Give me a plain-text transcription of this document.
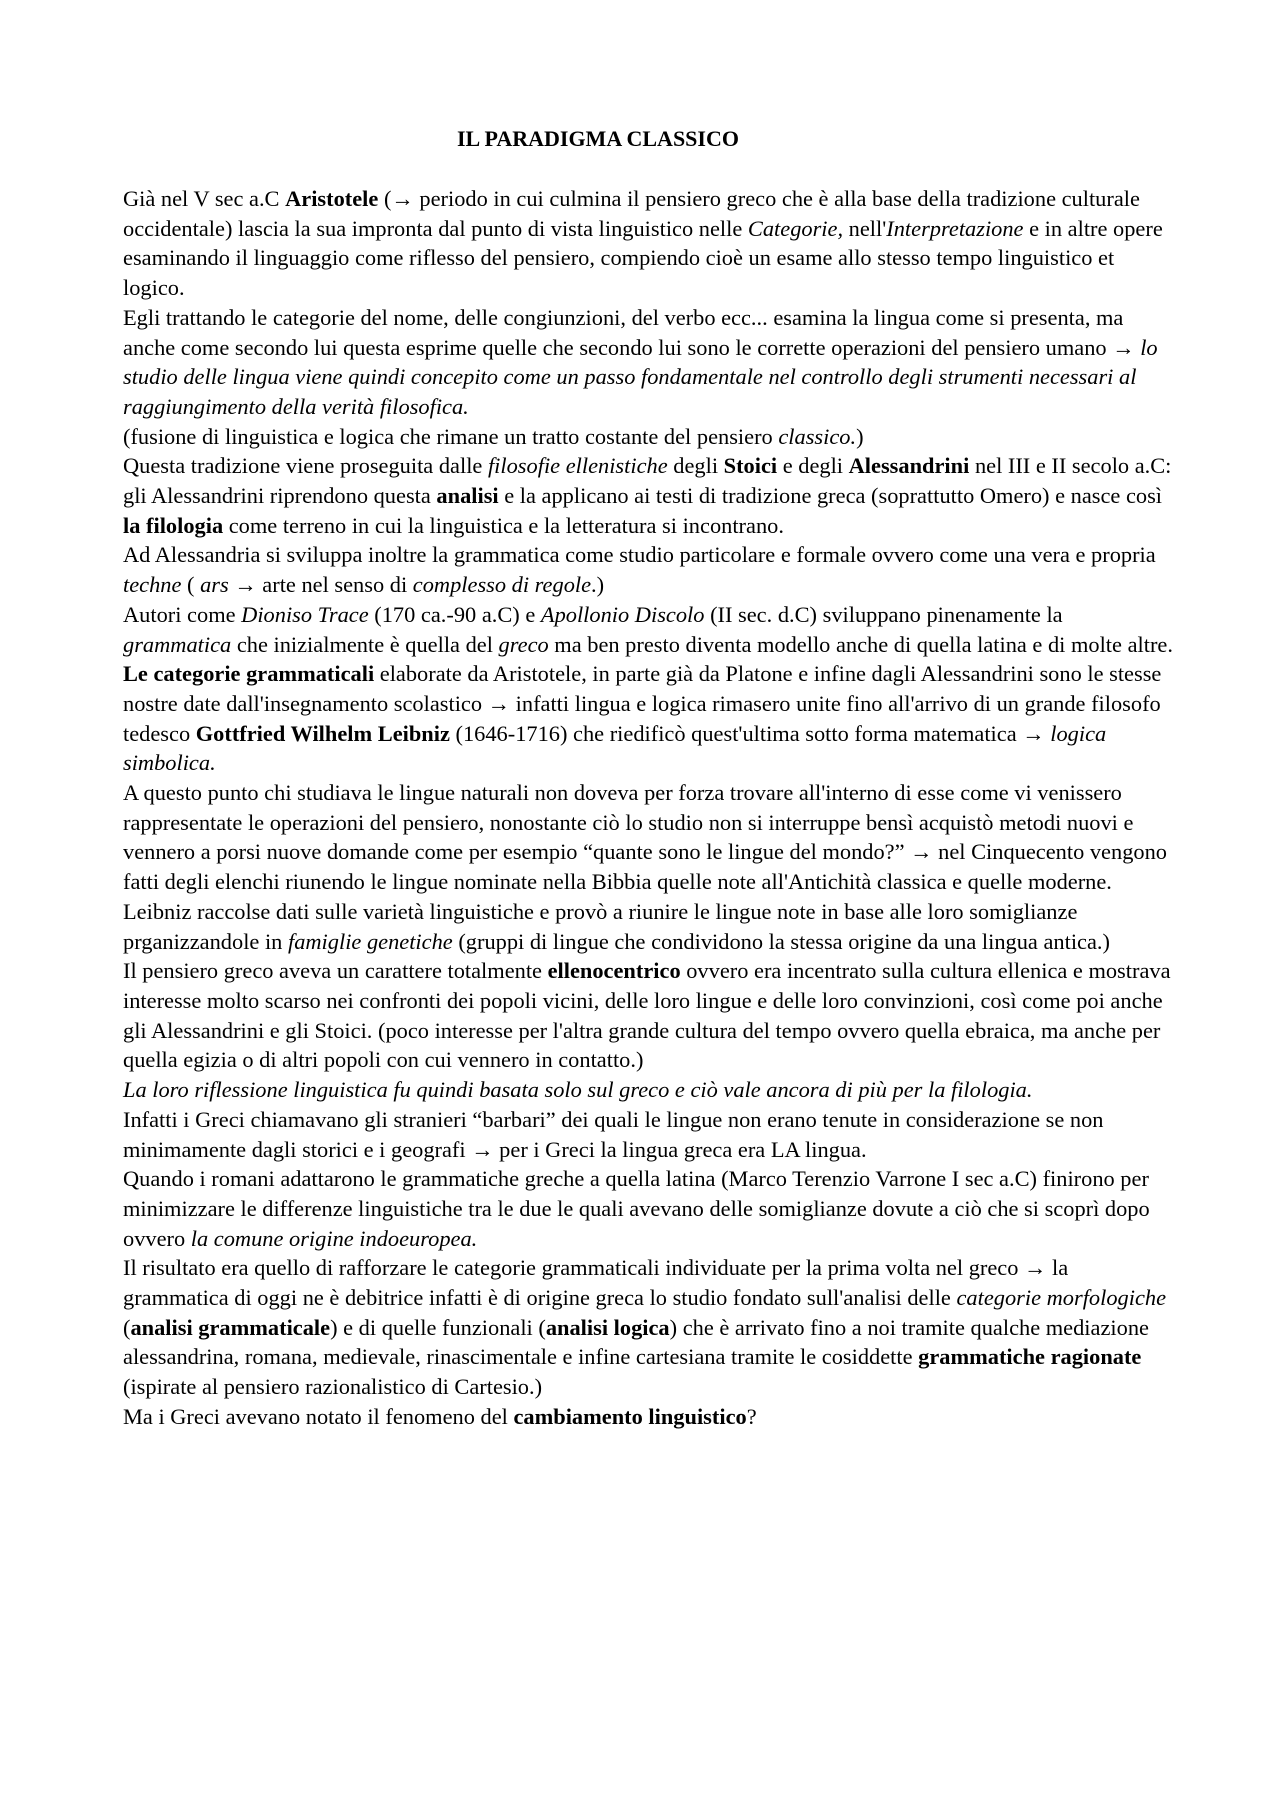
IL PARADIGMA CLASSICO

Già nel V sec a.C Aristotele (→ periodo in cui culmina il pensiero greco che è alla base della tradizione culturale occidentale) lascia la sua impronta dal punto di vista linguistico nelle Categorie, nell'Interpretazione e in altre opere esaminando il linguaggio come riflesso del pensiero, compiendo cioè un esame allo stesso tempo linguistico et logico.

Egli trattando le categorie del nome, delle congiunzioni, del verbo ecc... esamina la lingua come si presenta, ma anche come secondo lui questa esprime quelle che secondo lui sono le corrette operazioni del pensiero umano → lo studio delle lingua viene quindi concepito come un passo fondamentale nel controllo degli strumenti necessari al raggiungimento della verità filosofica.

(fusione di linguistica e logica che rimane un tratto costante del pensiero classico.)

Questa tradizione viene proseguita dalle filosofie ellenistiche degli Stoici e degli Alessandrini nel III e II secolo a.C: gli Alessandrini riprendono questa analisi e la applicano ai testi di tradizione greca (soprattutto Omero) e nasce così la filologia come terreno in cui la linguistica e la letteratura si incontrano.

Ad Alessandria si sviluppa inoltre la grammatica come studio particolare e formale ovvero come una vera e propria techne ( ars → arte nel senso di complesso di regole.)

Autori come Dioniso Trace (170 ca.-90 a.C) e Apollonio Discolo (II sec. d.C) sviluppano pinenamente la grammatica che inizialmente è quella del greco ma ben presto diventa modello anche di quella latina e di molte altre.

Le categorie grammaticali elaborate da Aristotele, in parte già da Platone e infine dagli Alessandrini sono le stesse nostre date dall'insegnamento scolastico → infatti lingua e logica rimasero unite fino all'arrivo di un grande filosofo tedesco Gottfried Wilhelm Leibniz (1646-1716) che riedificò quest'ultima sotto forma matematica → logica simbolica.

A questo punto chi studiava le lingue naturali non doveva per forza trovare all'interno di esse come vi venissero rappresentate le operazioni del pensiero, nonostante ciò lo studio non si interruppe bensì acquistò metodi nuovi e vennero a porsi nuove domande come per esempio “quante sono le lingue del mondo?” → nel Cinquecento vengono fatti degli elenchi riunendo le lingue nominate nella Bibbia quelle note all'Antichità classica e quelle moderne.

Leibniz raccolse dati sulle varietà linguistiche e provò a riunire le lingue note in base alle loro somiglianze prganizzandole in famiglie genetiche (gruppi di lingue che condividono la stessa origine da una lingua antica.)

Il pensiero greco aveva un carattere totalmente ellenocentrico ovvero era incentrato sulla cultura ellenica e mostrava interesse molto scarso nei confronti dei popoli vicini, delle loro lingue e delle loro convinzioni, così come poi anche gli Alessandrini e gli Stoici. (poco interesse per l'altra grande cultura del tempo ovvero quella ebraica, ma anche per quella egizia o di altri popoli con cui vennero in contatto.)

La loro riflessione linguistica fu quindi basata solo sul greco e ciò vale ancora di più per la filologia.

Infatti i Greci chiamavano gli stranieri “barbari” dei quali le lingue non erano tenute in considerazione se non minimamente dagli storici e i geografi → per i Greci la lingua greca era LA lingua.

Quando i romani adattarono le grammatiche greche a quella latina (Marco Terenzio Varrone I sec a.C) finirono per minimizzare le differenze linguistiche tra le due le quali avevano delle somiglianze dovute a ciò che si scoprì dopo ovvero la comune origine indoeuropea.

Il risultato era quello di rafforzare le categorie grammaticali individuate per la prima volta nel greco → la grammatica di oggi ne è debitrice infatti è di origine greca lo studio fondato sull'analisi delle categorie morfologiche (analisi grammaticale) e di quelle funzionali (analisi logica) che è arrivato fino a noi tramite qualche mediazione alessandrina, romana, medievale, rinascimentale e infine cartesiana tramite le cosiddette grammatiche ragionate (ispirate al pensiero razionalistico di Cartesio.)

Ma i Greci avevano notato il fenomeno del cambiamento linguistico?
